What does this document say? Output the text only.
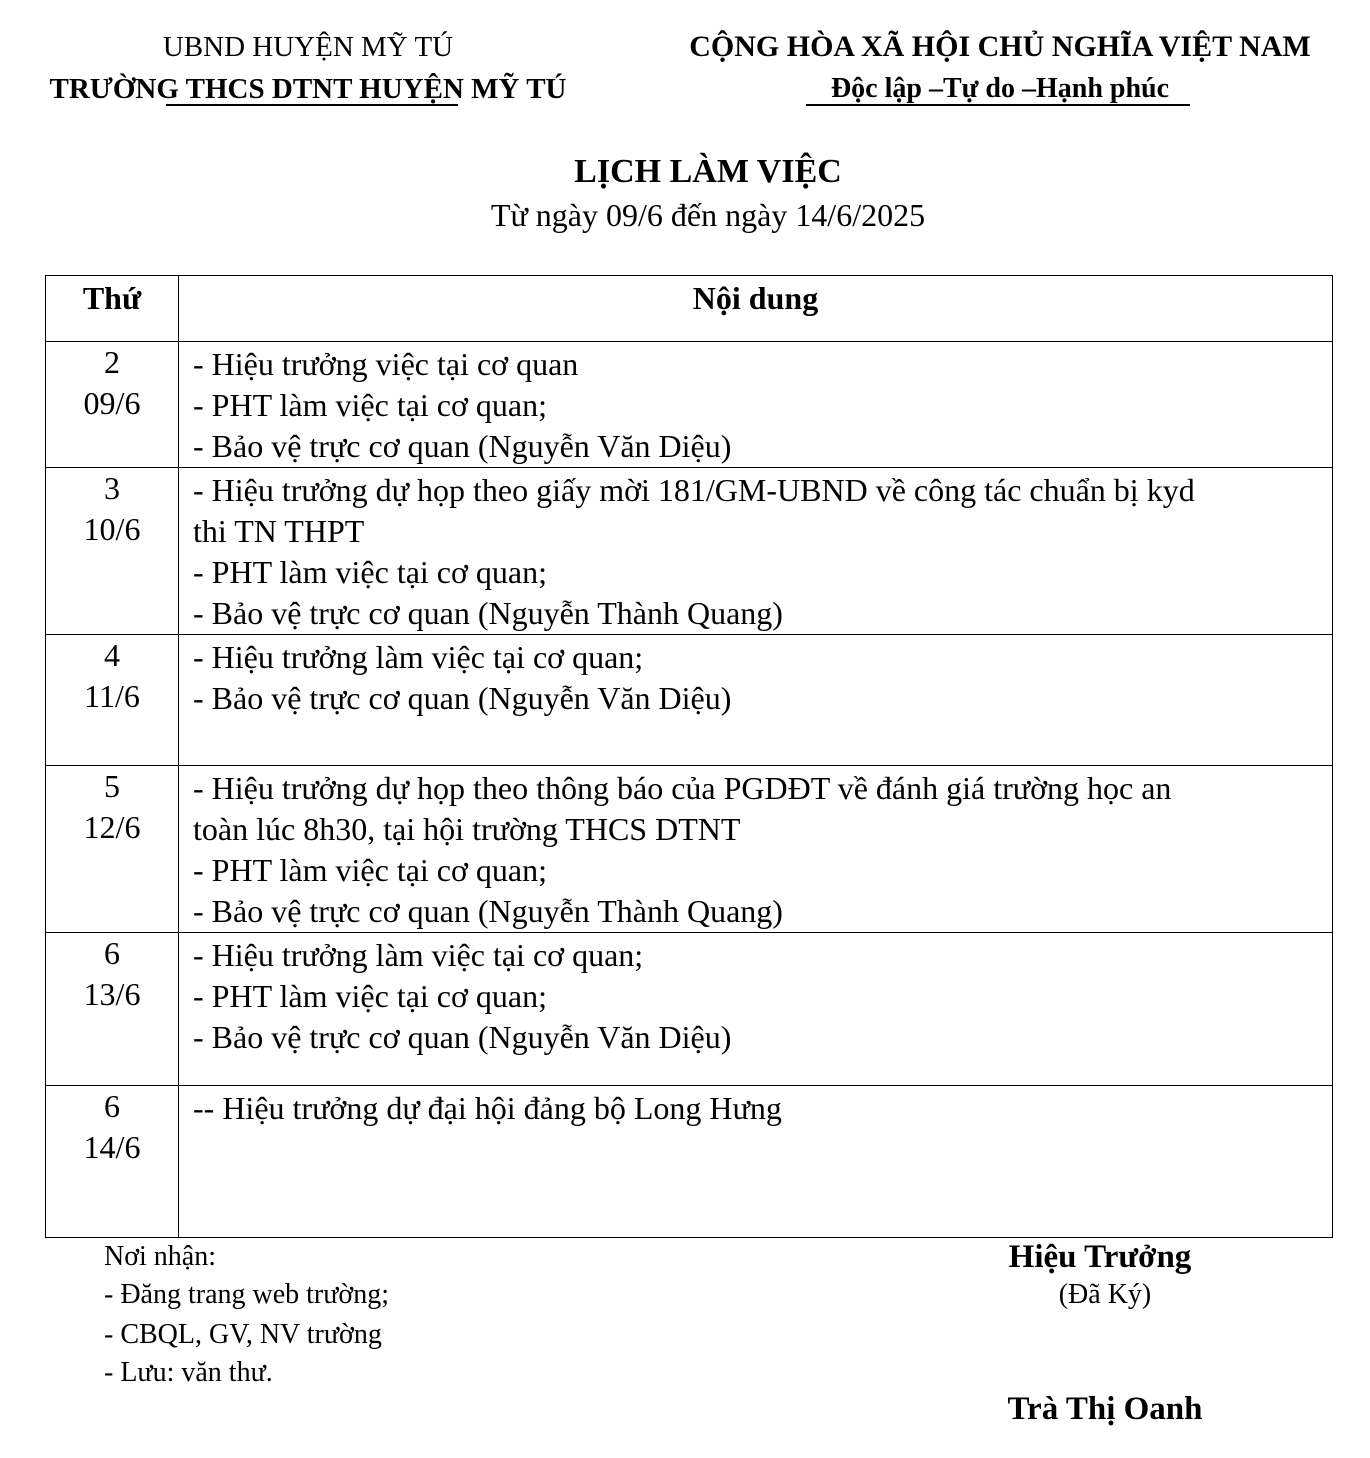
UBND HUYỆN MỸ TÚ
TRƯỜNG THCS DTNT HUYỆN MỸ TÚ
CỘNG HÒA XÃ HỘI CHỦ NGHĨA VIỆT NAM
Độc lập –Tự do –Hạnh phúc
LỊCH LÀM VIỆC
Từ ngày 09/6 đến ngày 14/6/2025
Thứ	Nội dung

2
09/6	- Hiệu trưởng việc tại cơ quan
- PHT làm việc tại cơ quan;
- Bảo vệ trực cơ quan (Nguyễn Văn Diệu)

3
10/6	- Hiệu trưởng dự họp theo giấy mời 181/GM-UBND về công tác chuẩn bị kyd
thi TN THPT
- PHT làm việc tại cơ quan;
- Bảo vệ trực cơ quan (Nguyễn Thành Quang)

4
11/6	- Hiệu trưởng làm việc tại cơ quan;
- Bảo vệ trực cơ quan (Nguyễn Văn Diệu)

5
12/6	- Hiệu trưởng dự họp theo thông báo của PGDĐT về đánh giá trường học an
toàn lúc 8h30, tại hội trường THCS DTNT
- PHT làm việc tại cơ quan;
- Bảo vệ trực cơ quan (Nguyễn Thành Quang)

6
13/6	- Hiệu trưởng làm việc tại cơ quan;
- PHT làm việc tại cơ quan;
- Bảo vệ trực cơ quan (Nguyễn Văn Diệu)

6
14/6	-- Hiệu trưởng dự đại hội đảng bộ Long Hưng
Nơi nhận:
- Đăng trang web trường;
- CBQL, GV, NV trường
- Lưu: văn thư.
Hiệu Trưởng
(Đã Ký)
Trà Thị Oanh
